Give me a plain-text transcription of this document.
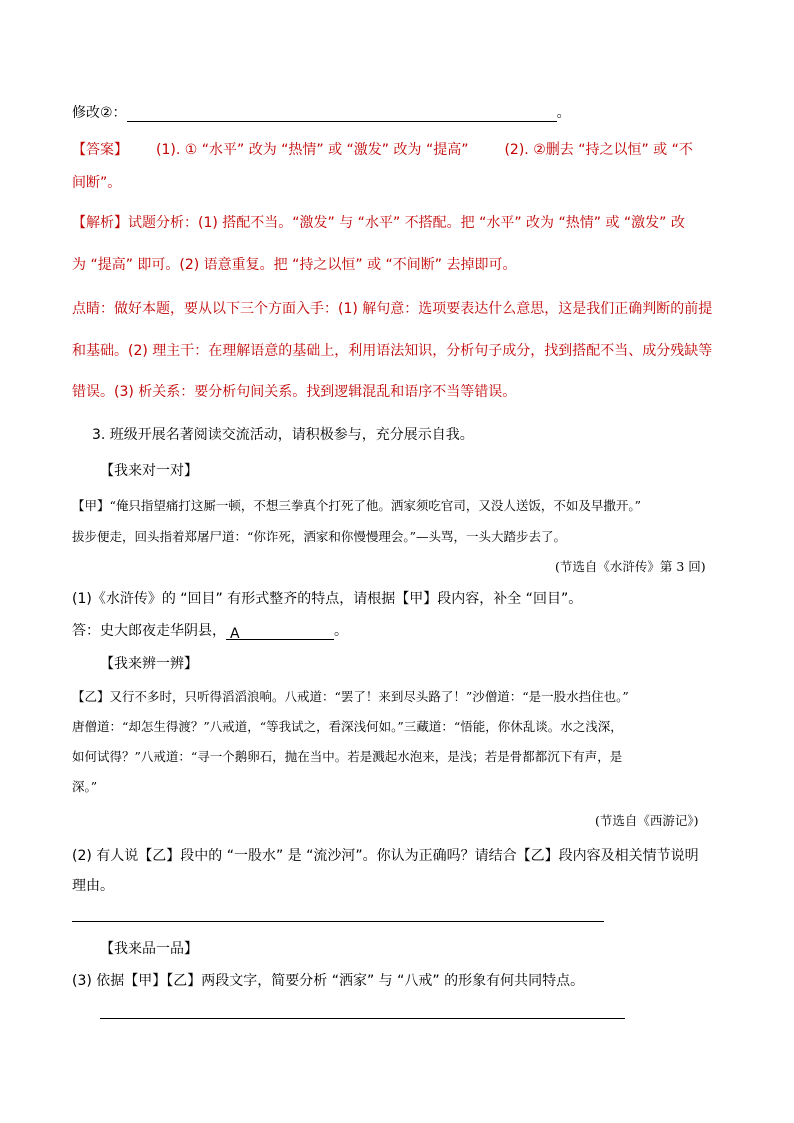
修改②：	。
【答案】 (1). ① “水平” 改为 “热情” 或 “激发” 改为 “提高”	(2). ②删去 “持之以恒” 或 “不
间断”。
【解析】试题分析：(1) 搭配不当。“激发” 与 “水平” 不搭配。把 “水平” 改为 “热情” 或 “激发” 改
为 “提高” 即可。(2) 语意重复。把 “持之以恒” 或 “不间断” 去掉即可。
点睛：做好本题，要从以下三个方面入手：(1) 解句意：选项要表达什么意思，这是我们正确判断的前提
和基础。(2) 理主干：在理解语意的基础上，利用语法知识，分析句子成分，找到搭配不当、成分残缺等
错误。(3) 析关系：要分析句间关系。找到逻辑混乱和语序不当等错误。
3. 班级开展名著阅读交流活动，请积极参与，充分展示自我。
【我来对一对】
【甲】“俺只指望痛打这厮一顿，不想三拳真个打死了他。洒家须吃官司，又没人送饭，不如及早撒开。”
拔步便走，回头指着郑屠尸道：“你诈死，洒家和你慢慢理会。”—头骂，一头大踏步去了。
(节选自《水浒传》第 3 回)
(1)《水浒传》的 “回目” 有形式整齐的特点，请根据【甲】段内容，补全 “回目”。
答：史大郎夜走华阴县， A	。
【我来辨一辨】
【乙】又行不多时，只听得滔滔浪响。八戒道：“罢了！来到尽头路了！”沙僧道：“是一股水挡住也。”
唐僧道：“却怎生得渡？”八戒道，“等我试之，看深浅何如。”三藏道：“悟能，你休乱谈。水之浅深，
如何试得？”八戒道：“寻一个鹅卵石，抛在当中。若是溅起水泡来，是浅；若是骨都都沉下有声，是
深。”
(节选自《西游记》)
(2) 有人说【乙】段中的 “一股水” 是 “流沙河”。你认为正确吗？请结合【乙】段内容及相关情节说明
理由。
【我来品一品】
(3) 依据【甲】【乙】两段文字，简要分析 “洒家” 与 “八戒” 的形象有何共同特点。
